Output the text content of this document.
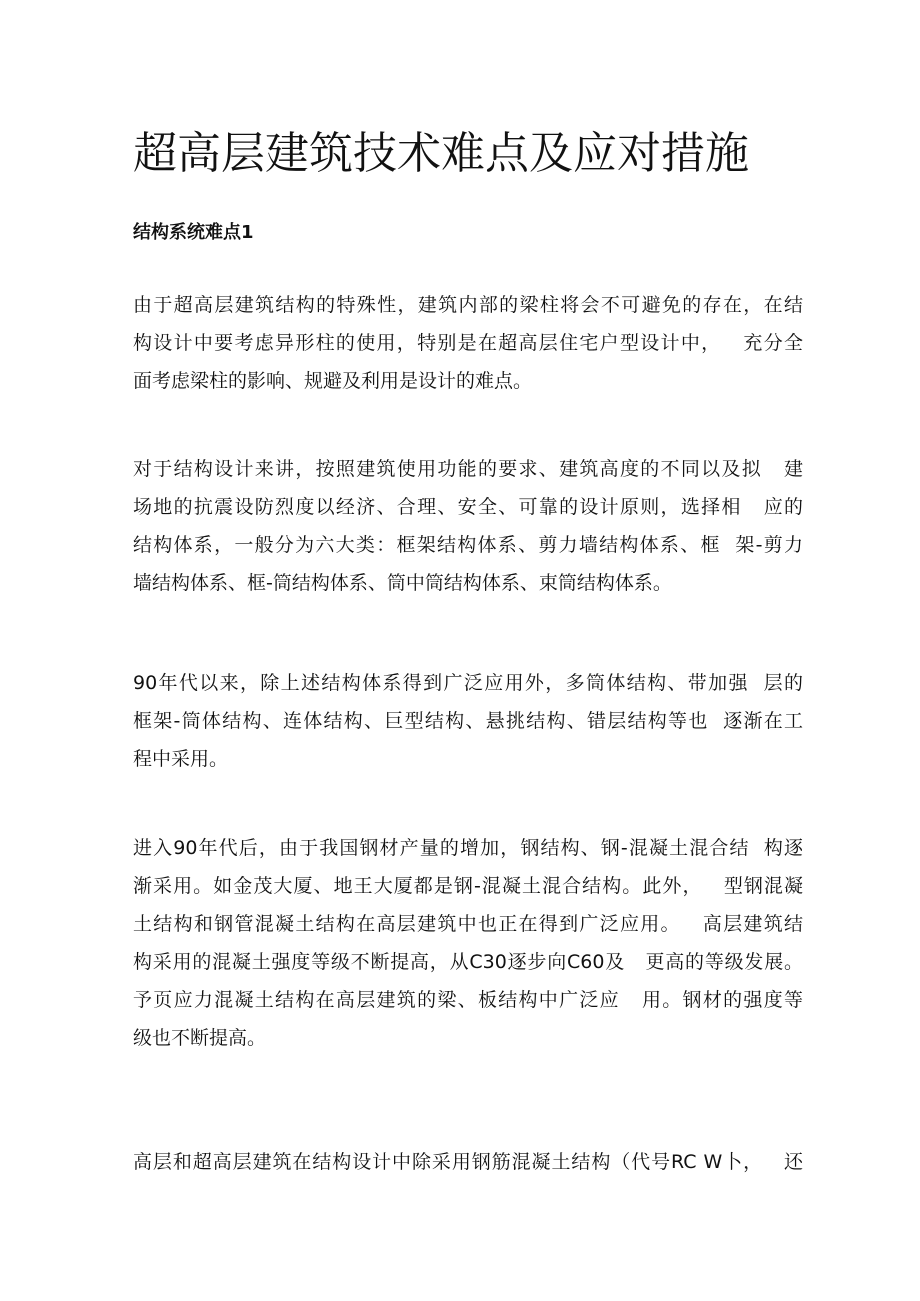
超高层建筑技术难点及应对措施
结构系统难点1
由于超高层建筑结构的特殊性，建筑内部的梁柱将会不可避免的存在，在结
构设计中要考虑异形柱的使用，特别是在超高层住宅户型设计中，   充分全
面考虑梁柱的影响、规避及利用是设计的难点。
对于结构设计来讲，按照建筑使用功能的要求、建筑高度的不同以及拟   建
场地的抗震设防烈度以经济、合理、安全、可靠的设计原则，选择相   应的
结构体系，一般分为六大类：框架结构体系、剪力墙结构体系、框  架-剪力
墙结构体系、框-筒结构体系、筒中筒结构体系、束筒结构体系。
90年代以来，除上述结构体系得到广泛应用外，多筒体结构、带加强  层的
框架-筒体结构、连体结构、巨型结构、悬挑结构、错层结构等也  逐渐在工
程中采用。
进入90年代后，由于我国钢材产量的增加，钢结构、钢-混凝土混合结  构逐
渐采用。如金茂大厦、地王大厦都是钢-混凝土混合结构。此外，   型钢混凝
土结构和钢管混凝土结构在高层建筑中也正在得到广泛应用。   高层建筑结
构采用的混凝土强度等级不断提高，从C30逐步向C60及   更高的等级发展。
予页应力混凝土结构在高层建筑的梁、板结构中广泛应   用。钢材的强度等
级也不断提高。
高层和超高层建筑在结构设计中除采用钢筋混凝土结构（代号RC W卜，   还
